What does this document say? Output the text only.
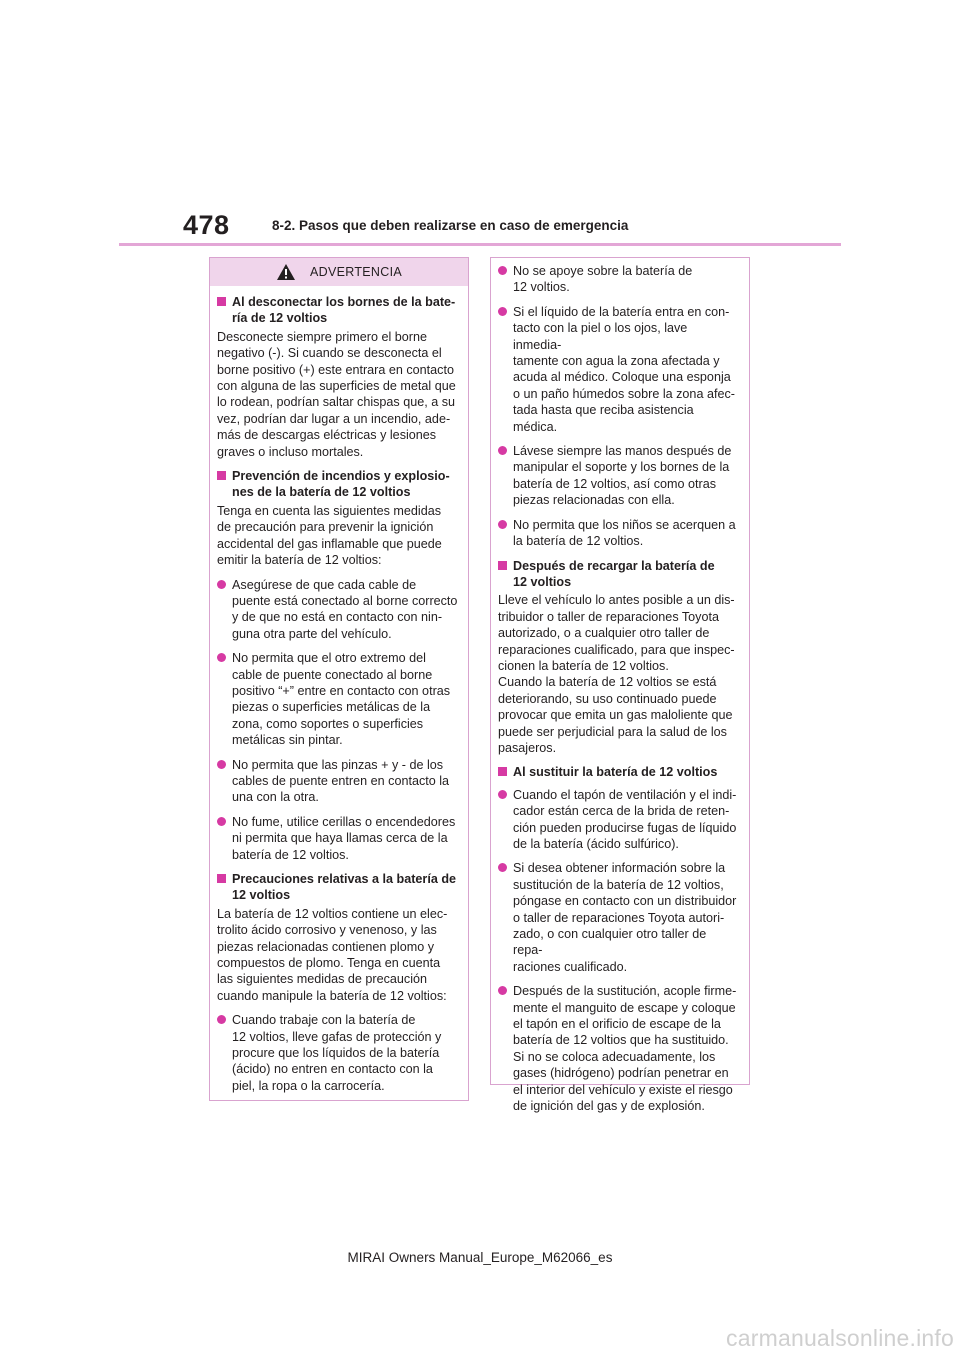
478	8-2. Pasos que deben realizarse en caso de emergencia
ADVERTENCIA
Al desconectar los bornes de la bate-
ría de 12 voltios
Desconecte siempre primero el borne
negativo (-). Si cuando se desconecta el
borne positivo (+) este entrara en contacto
con alguna de las superficies de metal que
lo rodean, podrían saltar chispas que, a su
vez, podrían dar lugar a un incendio, ade-
más de descargas eléctricas y lesiones
graves o incluso mortales.
Prevención de incendios y explosio-
nes de la batería de 12 voltios
Tenga en cuenta las siguientes medidas
de precaución para prevenir la ignición
accidental del gas inflamable que puede
emitir la batería de 12 voltios:
Asegúrese de que cada cable de
puente está conectado al borne correcto
y de que no está en contacto con nin-
guna otra parte del vehículo.
No permita que el otro extremo del
cable de puente conectado al borne
positivo “+” entre en contacto con otras
piezas o superficies metálicas de la
zona, como soportes o superficies
metálicas sin pintar.
No permita que las pinzas + y - de los
cables de puente entren en contacto la
una con la otra.
No fume, utilice cerillas o encendedores
ni permita que haya llamas cerca de la
batería de 12 voltios.
Precauciones relativas a la batería de
12 voltios
La batería de 12 voltios contiene un elec-
trolito ácido corrosivo y venenoso, y las
piezas relacionadas contienen plomo y
compuestos de plomo. Tenga en cuenta
las siguientes medidas de precaución
cuando manipule la batería de 12 voltios:
Cuando trabaje con la batería de
12 voltios, lleve gafas de protección y
procure que los líquidos de la batería
(ácido) no entren en contacto con la
piel, la ropa o la carrocería.
No se apoye sobre la batería de
12 voltios.
Si el líquido de la batería entra en con-
tacto con la piel o los ojos, lave inmedia-
tamente con agua la zona afectada y
acuda al médico. Coloque una esponja
o un paño húmedos sobre la zona afec-
tada hasta que reciba asistencia
médica.
Lávese siempre las manos después de
manipular el soporte y los bornes de la
batería de 12 voltios, así como otras
piezas relacionadas con ella.
No permita que los niños se acerquen a
la batería de 12 voltios.
Después de recargar la batería de
12 voltios
Lleve el vehículo lo antes posible a un dis-
tribuidor o taller de reparaciones Toyota
autorizado, o a cualquier otro taller de
reparaciones cualificado, para que inspec-
cionen la batería de 12 voltios.
Cuando la batería de 12 voltios se está
deteriorando, su uso continuado puede
provocar que emita un gas maloliente que
puede ser perjudicial para la salud de los
pasajeros.
Al sustituir la batería de 12 voltios
Cuando el tapón de ventilación y el indi-
cador están cerca de la brida de reten-
ción pueden producirse fugas de líquido
de la batería (ácido sulfúrico).
Si desea obtener información sobre la
sustitución de la batería de 12 voltios,
póngase en contacto con un distribuidor
o taller de reparaciones Toyota autori-
zado, o con cualquier otro taller de repa-
raciones cualificado.
Después de la sustitución, acople firme-
mente el manguito de escape y coloque
el tapón en el orificio de escape de la
batería de 12 voltios que ha sustituido.
Si no se coloca adecuadamente, los
gases (hidrógeno) podrían penetrar en
el interior del vehículo y existe el riesgo
de ignición del gas y de explosión.
MIRAI Owners Manual_Europe_M62066_es
carmanualsonline.info
